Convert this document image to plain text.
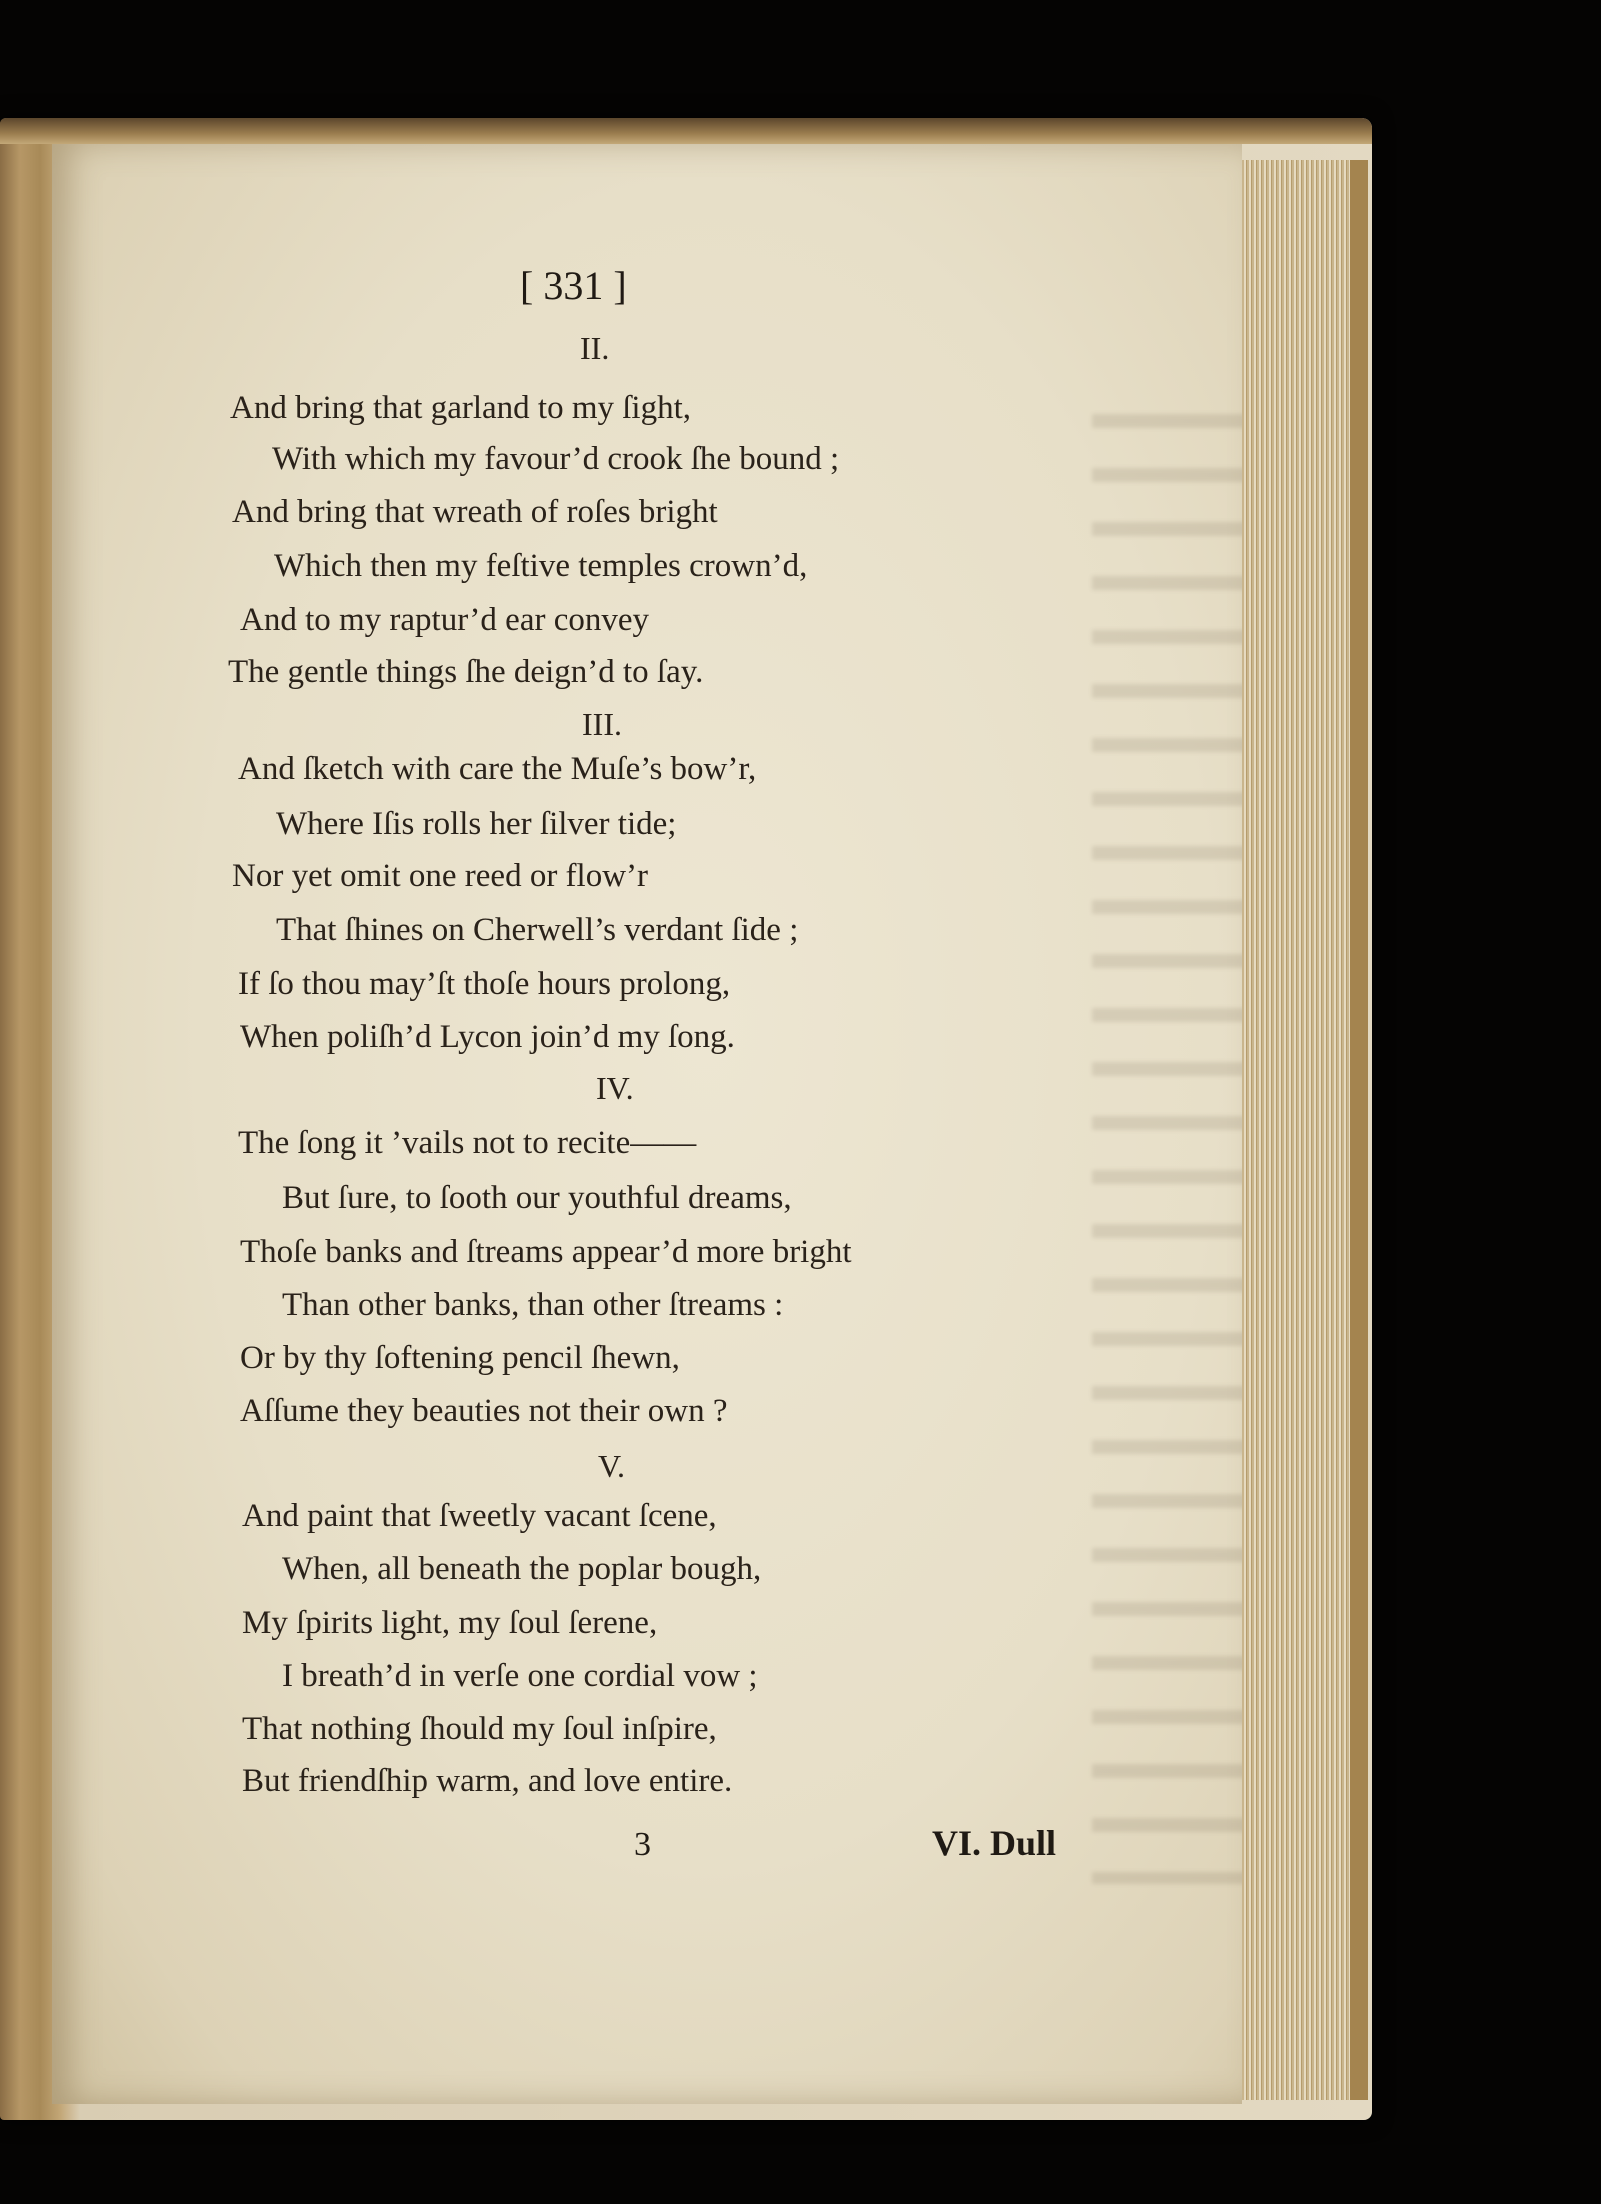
[ 331 ]
II.
And bring that garland to my ſight,
With which my favour’d crook ſhe bound ;
And bring that wreath of roſes bright
Which then my feſtive temples crown’d,
And to my raptur’d ear convey
The gentle things ſhe deign’d to ſay.
III.
And ſketch with care the Muſe’s bow’r,
Where Iſis rolls her ſilver tide;
Nor yet omit one reed or flow’r
That ſhines on Cherwell’s verdant ſide ;
If ſo thou may’ſt thoſe hours prolong,
When poliſh’d Lycon join’d my ſong.
IV.
The ſong it ’vails not to recite——
But ſure, to ſooth our youthful dreams,
Thoſe banks and ſtreams appear’d more bright
Than other banks, than other ſtreams :
Or by thy ſoftening pencil ſhewn,
Aſſume they beauties not their own ?
V.
And paint that ſweetly vacant ſcene,
When, all beneath the poplar bough,
My ſpirits light, my ſoul ſerene,
I breath’d in verſe one cordial vow ;
That nothing ſhould my ſoul inſpire,
But friendſhip warm, and love entire.
3	VI. Dull
